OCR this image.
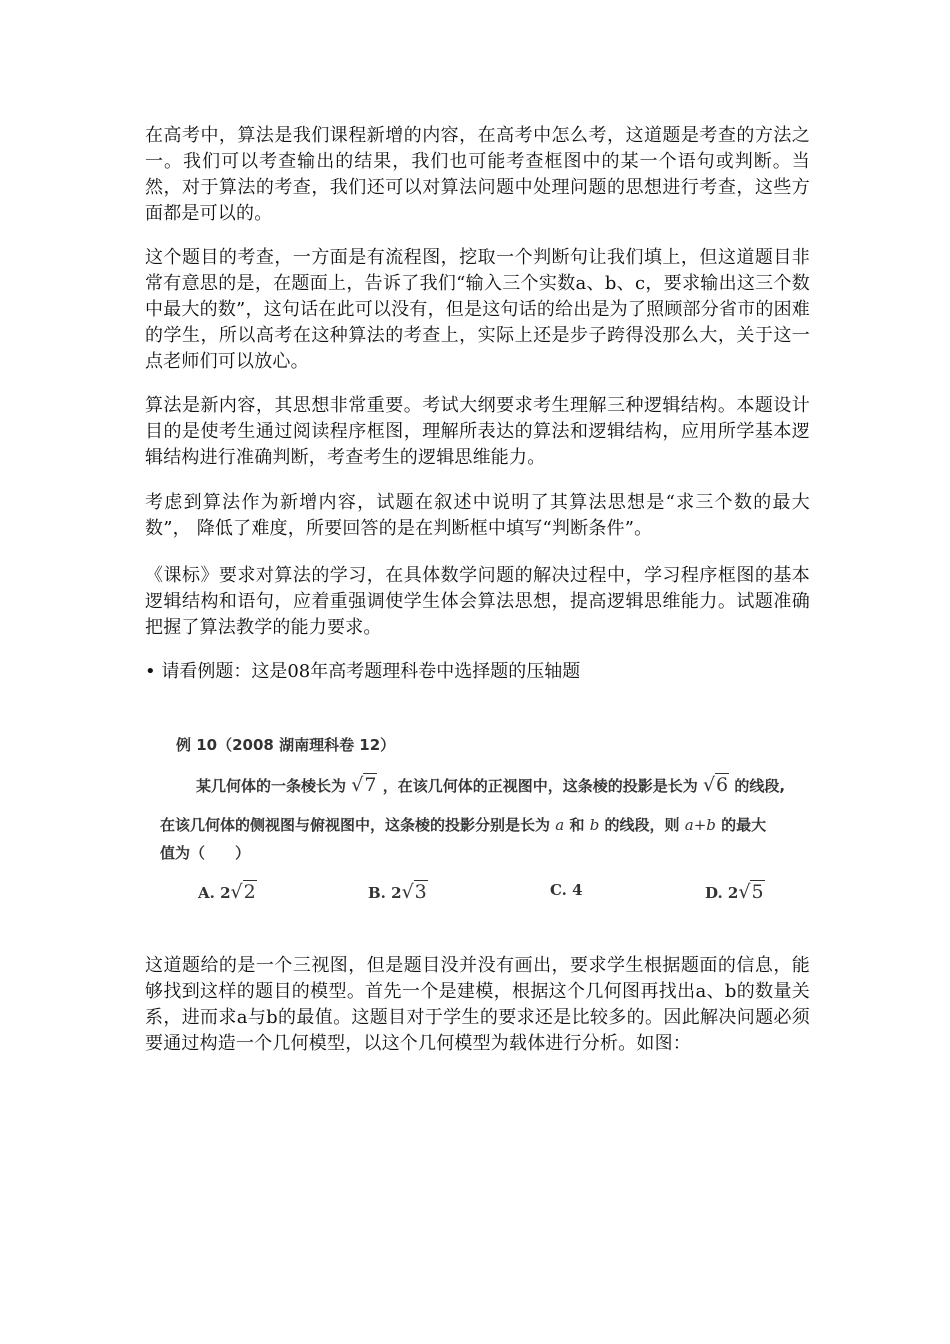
在高考中，算法是我们课程新增的内容，在高考中怎么考，这道题是考查的方法之一。我们可以考查输出的结果，我们也可能考查框图中的某一个语句或判断。当然，对于算法的考查，我们还可以对算法问题中处理问题的思想进行考查，这些方面都是可以的。

这个题目的考查，一方面是有流程图，挖取一个判断句让我们填上，但这道题目非常有意思的是，在题面上，告诉了我们“输入三个实数a、b、c，要求输出这三个数中最大的数”，这句话在此可以没有，但是这句话的给出是为了照顾部分省市的困难的学生，所以高考在这种算法的考查上，实际上还是步子跨得没那么大，关于这一点老师们可以放心。

算法是新内容，其思想非常重要。考试大纲要求考生理解三种逻辑结构。本题设计目的是使考生通过阅读程序框图，理解所表达的算法和逻辑结构，应用所学基本逻辑结构进行准确判断，考查考生的逻辑思维能力。

考虑到算法作为新增内容，试题在叙述中说明了其算法思想是“求三个数的最大数”， 降低了难度，所要回答的是在判断框中填写“判断条件”。

《课标》要求对算法的学习，在具体数学问题的解决过程中，学习程序框图的基本逻辑结构和语句，应着重强调使学生体会算法思想，提高逻辑思维能力。试题准确把握了算法教学的能力要求。

• 请看例题：这是08年高考题理科卷中选择题的压轴题
例 10（2008 湖南理科卷 12）
某几何体的一条棱长为 √7 ，在该几何体的正视图中，这条棱的投影是长为 √6 的线段,
在该几何体的侧视图与俯视图中，这条棱的投影分别是长为 a 和 b 的线段，则 a+b 的最大
值为（　　）
A. 2√2	B. 2√3	C. 4	D. 2√5

这道题给的是一个三视图，但是题目没并没有画出，要求学生根据题面的信息，能够找到这样的题目的模型。首先一个是建模，根据这个几何图再找出a、b的数量关系，进而求a与b的最值。这题目对于学生的要求还是比较多的。因此解决问题必须要通过构造一个几何模型，以这个几何模型为载体进行分析。如图：
